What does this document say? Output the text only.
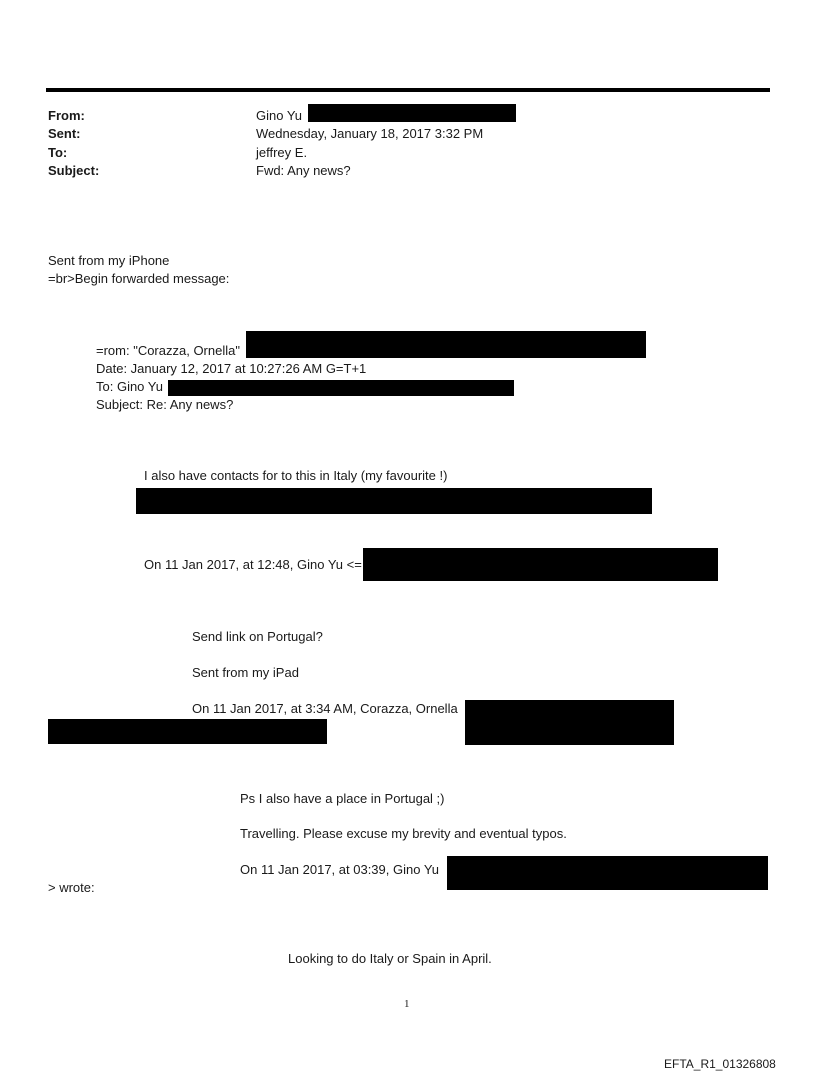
From:	Gino Yu
Sent:	Wednesday, January 18, 2017 3:32 PM
To:	jeffrey E.
Subject:	Fwd: Any news?
Sent from my iPhone
=br>Begin forwarded message:
=rom: "Corazza, Ornella"
Date: January 12, 2017 at 10:27:26 AM G=T+1
To: Gino Yu
Subject: Re: Any news?
I also have contacts for to this in Italy (my favourite !)
On 11 Jan 2017, at 12:48, Gino Yu <=
Send link on Portugal?
Sent from my iPad
On 11 Jan 2017, at 3:34 AM, Corazza, Ornella
Ps I also have a place in Portugal ;)
Travelling. Please excuse my brevity and eventual typos.
On 11 Jan 2017, at 03:39, Gino Yu
> wrote:
Looking to do Italy or Spain in April.
1
EFTA_R1_01326808
